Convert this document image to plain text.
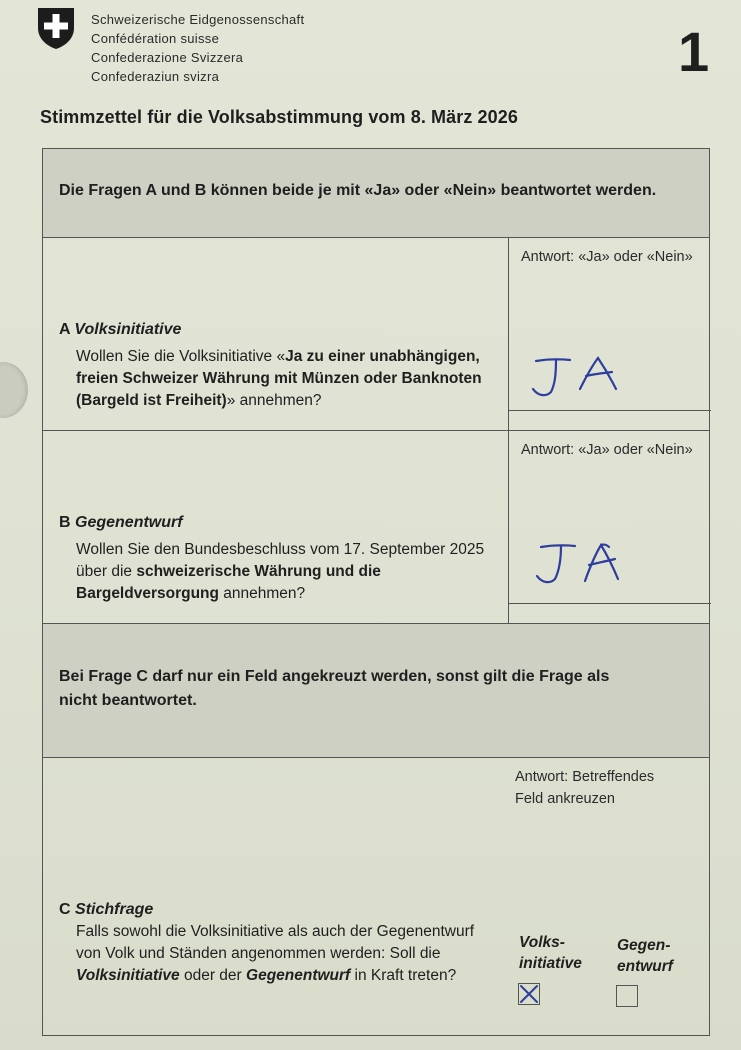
Schweizerische Eidgenossenschaft
Confédération suisse
Confederazione Svizzera
Confederaziun svizra	1
Stimmzettel für die Volksabstimmung vom 8. März 2026
Die Fragen A und B können beide je mit «Ja» oder «Nein» beantwortet werden.
Antwort: «Ja» oder «Nein»
A Volksinitiative
Wollen Sie die Volksinitiative «Ja zu einer unabhängigen, freien Schweizer Währung mit Münzen oder Banknoten (Bargeld ist Freiheit)» annehmen?
Antwort: «Ja» oder «Nein»
B Gegenentwurf
Wollen Sie den Bundesbeschluss vom 17. September 2025 über die schweizerische Währung und die Bargeldversorgung annehmen?
Bei Frage C darf nur ein Feld angekreuzt werden, sonst gilt die Frage als nicht beantwortet.
Antwort: Betreffendes Feld ankreuzen
C Stichfrage
Falls sowohl die Volksinitiative als auch der Gegenentwurf von Volk und Ständen angenommen werden: Soll die Volksinitiative oder der Gegenentwurf in Kraft treten?
Volks-
initiative
Gegen-
entwurf
